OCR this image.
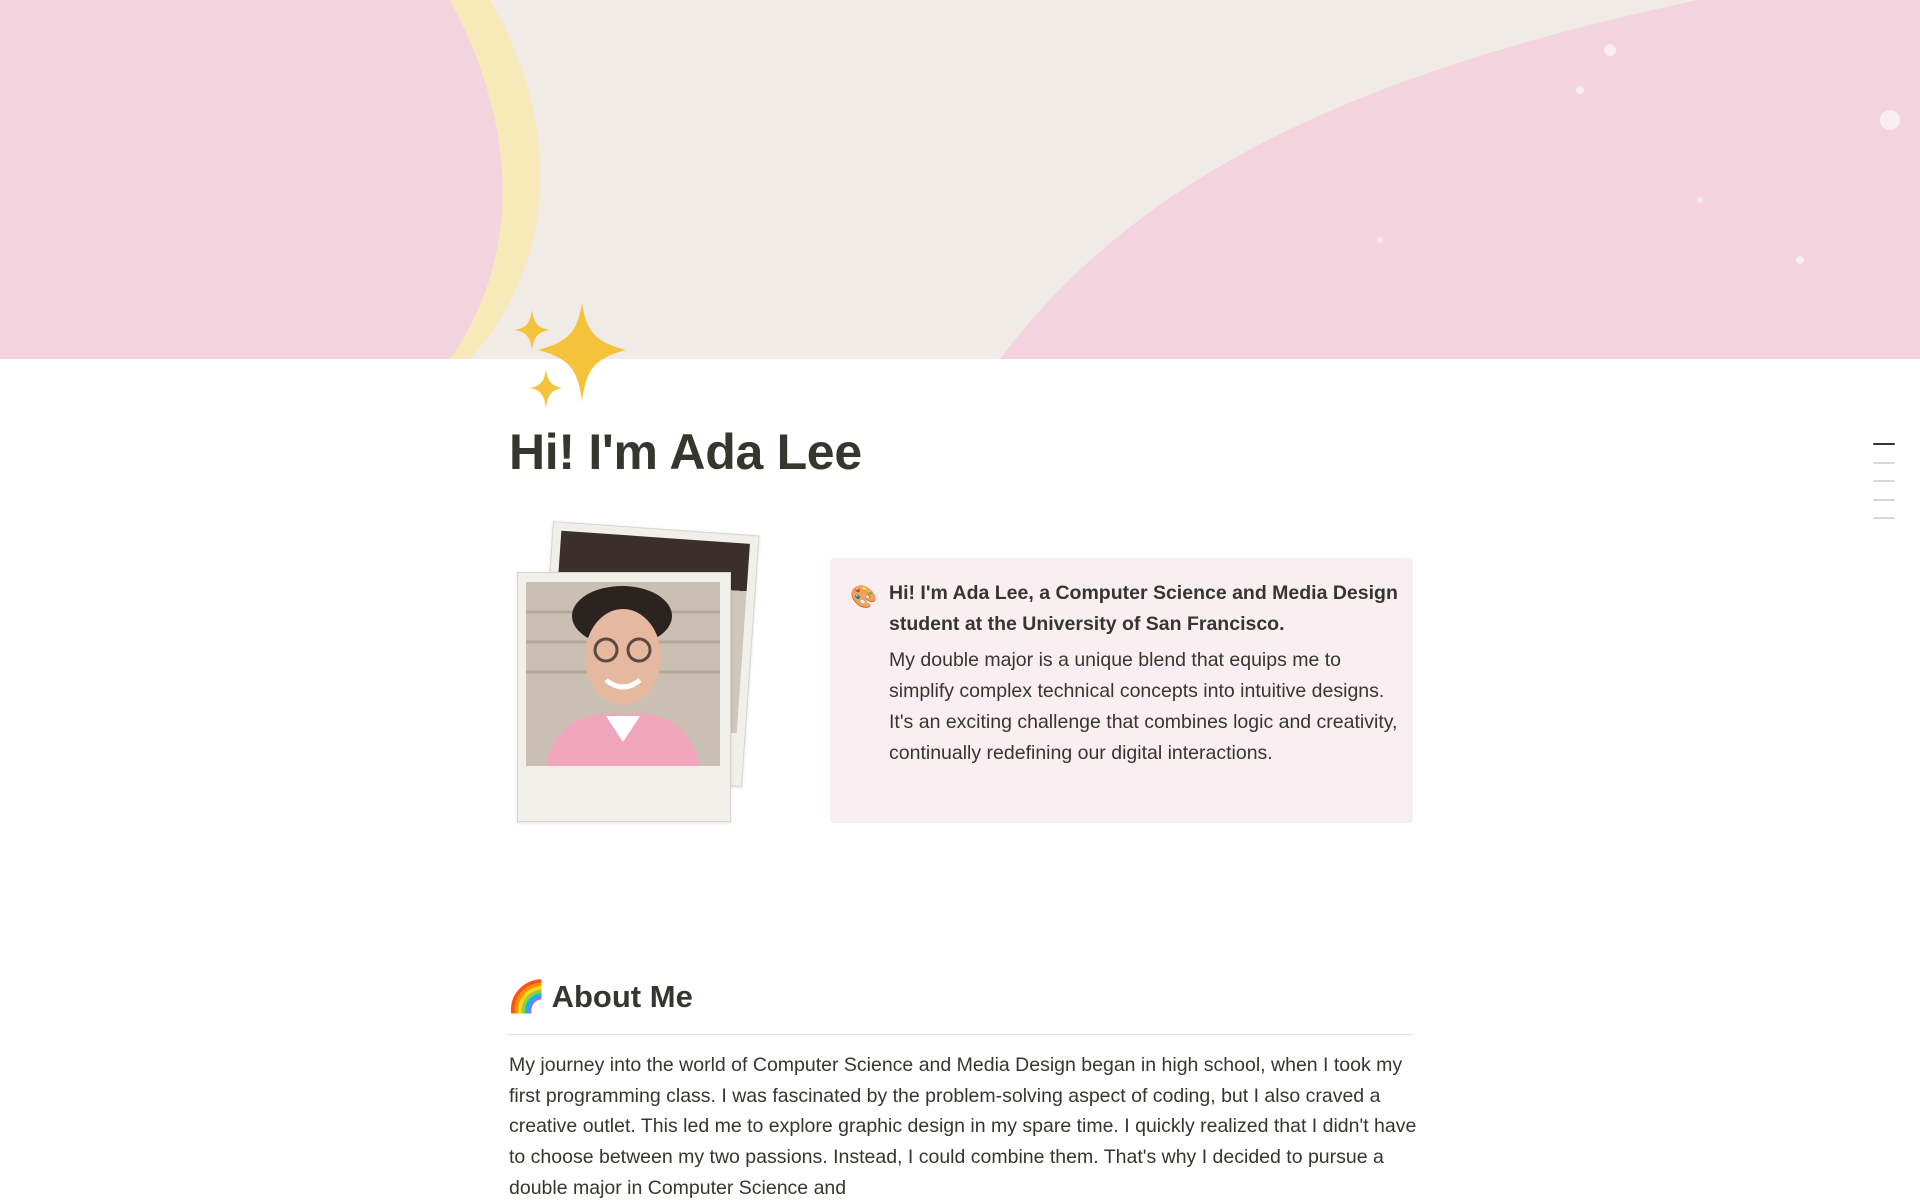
Hi! I'm Ada Lee
🎨 Hi! I'm Ada Lee, a Computer Science and Media Design student at the University of San Francisco.
My double major is a unique blend that equips me to simplify complex technical concepts into intuitive designs. It's an exciting challenge that combines logic and creativity, continually redefining our digital interactions.
🌈 About Me

My journey into the world of Computer Science and Media Design began in high school, when I took my first programming class. I was fascinated by the problem-solving aspect of coding, but I also craved a creative outlet. This led me to explore graphic design in my spare time. I quickly realized that I didn't have to choose between my two passions. Instead, I could combine them. That's why I decided to pursue a double major in Computer Science and
